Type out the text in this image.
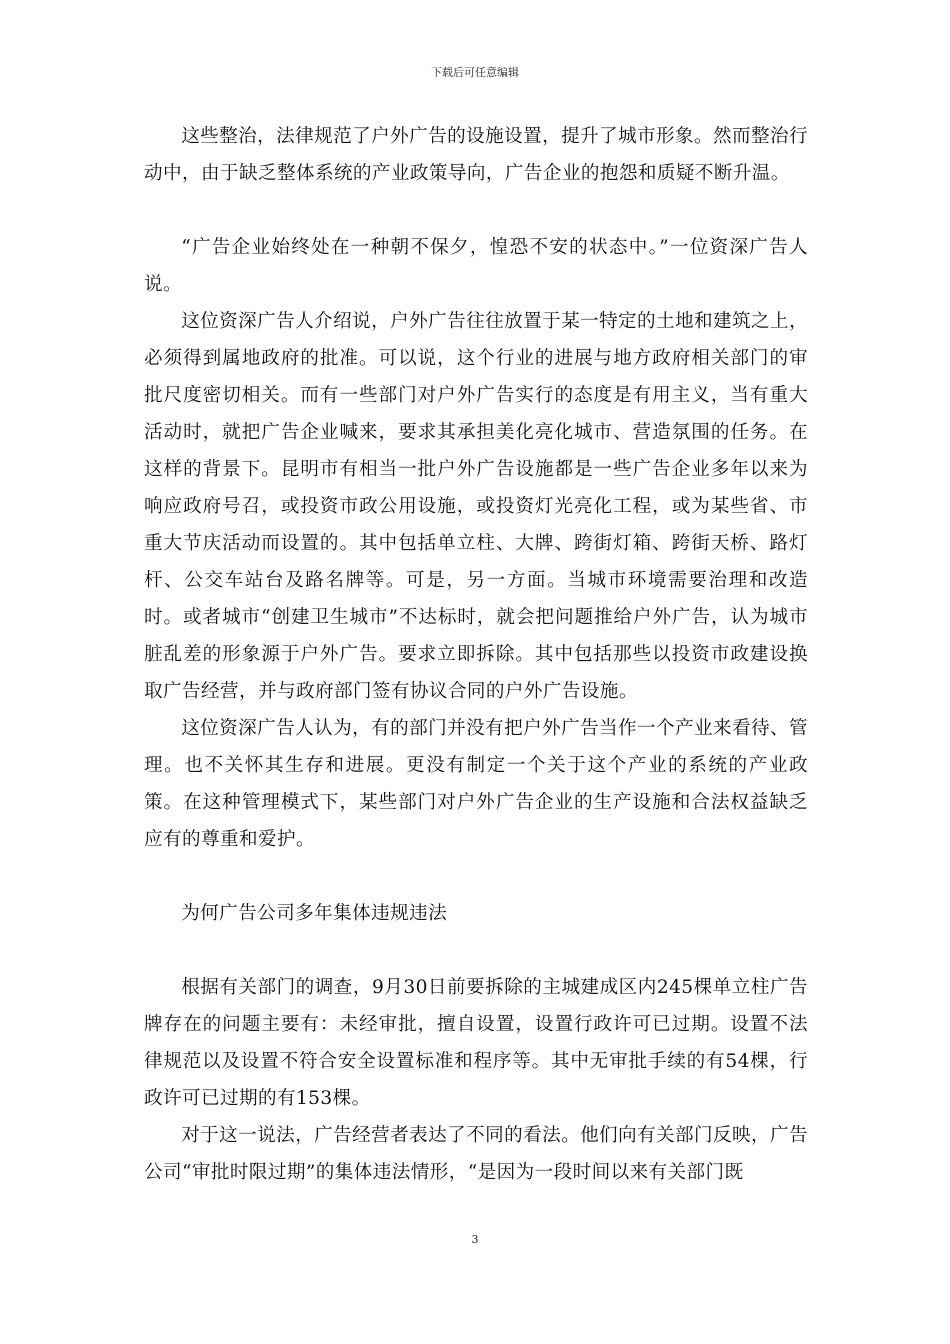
下载后可任意编辑

这些整治，法律规范了户外广告的设施设置，提升了城市形象。然而整治行动中，由于缺乏整体系统的产业政策导向，广告企业的抱怨和质疑不断升温。

“广告企业始终处在一种朝不保夕，惶恐不安的状态中。”一位资深广告人说。

这位资深广告人介绍说，户外广告往往放置于某一特定的土地和建筑之上，必须得到属地政府的批准。可以说，这个行业的进展与地方政府相关部门的审批尺度密切相关。而有一些部门对户外广告实行的态度是有用主义，当有重大活动时，就把广告企业喊来，要求其承担美化亮化城市、营造氛围的任务。在这样的背景下。昆明市有相当一批户外广告设施都是一些广告企业多年以来为响应政府号召，或投资市政公用设施，或投资灯光亮化工程，或为某些省、市重大节庆活动而设置的。其中包括单立柱、大牌、跨街灯箱、跨街天桥、路灯杆、公交车站台及路名牌等。可是，另一方面。当城市环境需要治理和改造时。或者城市“创建卫生城市”不达标时，就会把问题推给户外广告，认为城市脏乱差的形象源于户外广告。要求立即拆除。其中包括那些以投资市政建设换取广告经营，并与政府部门签有协议合同的户外广告设施。

这位资深广告人认为，有的部门并没有把户外广告当作一个产业来看待、管理。也不关怀其生存和进展。更没有制定一个关于这个产业的系统的产业政策。在这种管理模式下，某些部门对户外广告企业的生产设施和合法权益缺乏应有的尊重和爱护。

为何广告公司多年集体违规违法

根据有关部门的调查，9月30日前要拆除的主城建成区内245棵单立柱广告牌存在的问题主要有：未经审批，擅自设置，设置行政许可已过期。设置不法律规范以及设置不符合安全设置标准和程序等。其中无审批手续的有54棵，行政许可已过期的有153棵。

对于这一说法，广告经营者表达了不同的看法。他们向有关部门反映，广告公司“审批时限过期”的集体违法情形，“是因为一段时间以来有关部门既

3
